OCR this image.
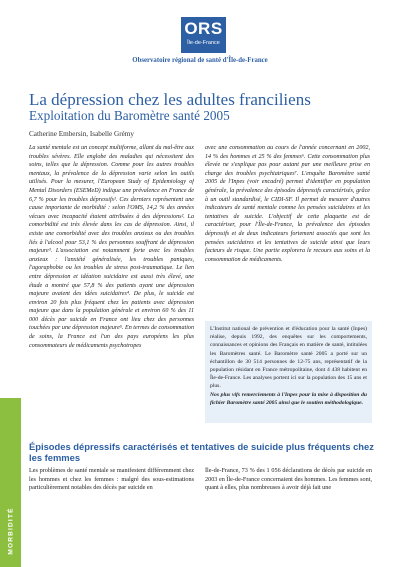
MORBIDITÉ
ORS
Île-de-France
Observatoire régional de santé d'Île-de-France
La dépression chez les adultes franciliens
Exploitation du Baromètre santé 2005
Catherine Embersin, Isabelle Grémy

La santé mentale est un concept multiforme, allant du mal-être aux troubles sévères. Elle englobe des maladies qui nécessitent des soins, telles que la dépression. Comme pour les autres troubles mentaux, la prévalence de la dépression varie selon les outils utilisés. Pour la mesurer, l'European Study of Epidemiology of Mental Disorders (ESEMeD) indique une prévalence en France de 6,7 % pour les troubles dépressifs¹. Ces derniers représentent une cause importante de morbidité : selon l'OMS, 14,2 % des années vécues avec incapacité étaient attribuées à des dépressions². La comorbidité est très élevée dans les cas de dépression. Ainsi, il existe une comorbidité avec des troubles anxieux ou des troubles liés à l'alcool pour 53,1 % des personnes souffrant de dépression majeure³. L'association est notamment forte avec les troubles anxieux : l'anxiété généralisée, les troubles paniques, l'agoraphobie ou les troubles de stress post-traumatique. Le lien entre dépression et idéation suicidaire est aussi très élevé, une étude a montré que 57,8 % des patients ayant une dépression majeure avaient des idées suicidaires⁴. De plus, le suicide est environ 20 fois plus fréquent chez les patients avec dépression majeure que dans la population générale et environ 60 % des 11 000 décès par suicide en France ont lieu chez des personnes touchées par une dépression majeure⁵. En termes de consommation de soins, la France est l'un des pays européens les plus consommateurs de médicaments psychotropes

avec une consommation au cours de l'année concernant en 2002, 14 % des hommes et 25 % des femmes⁶. Cette consommation plus élevée ne s'explique pas pour autant par une meilleure prise en charge des troubles psychiatriques⁷. L'enquête Baromètre santé 2005 de l'Inpes (voir encadré) permet d'identifier en population générale, la prévalence des épisodes dépressifs caractérisés, grâce à un outil standardisé, le CIDI-SF. Il permet de mesurer d'autres indicateurs de santé mentale comme les pensées suicidaires et les tentatives de suicide. L'objectif de cette plaquette est de caractériser, pour l'Île-de-France, la prévalence des épisodes dépressifs et de deux indicateurs fortement associés que sont les pensées suicidaires et les tentatives de suicide ainsi que leurs facteurs de risque. Une partie explorera le recours aux soins et la consommation de médicaments.

L'Institut national de prévention et d'éducation pour la santé (Inpes) réalise, depuis 1992, des enquêtes sur les comportements, connaissances et opinions des Français en matière de santé, intitulées les Baromètres santé. Le Baromètre santé 2005 a porté sur un échantillon de 30 514 personnes de 12-75 ans, représentatif de la population résidant en France métropolitaine, dont 4 438 habitent en Île-de-France. Les analyses portent ici sur la population des 15 ans et plus.

Nos plus vifs remerciements à l'Inpes pour la mise à disposition du fichier Baromètre santé 2005 ainsi que le soutien méthodologique.

Épisodes dépressifs caractérisés et tentatives de suicide plus fréquents chez les femmes
Les problèmes de santé mentale se manifestent différemment chez les hommes et chez les femmes : malgré des sous-estimations particulièrement notables des décès par suicide en
Île-de-France, 73 % des 1 056 déclarations de décès par suicide en 2003 en Île-de-France concernaient des hommes. Les femmes sont, quant à elles, plus nombreuses à avoir déjà fait une
